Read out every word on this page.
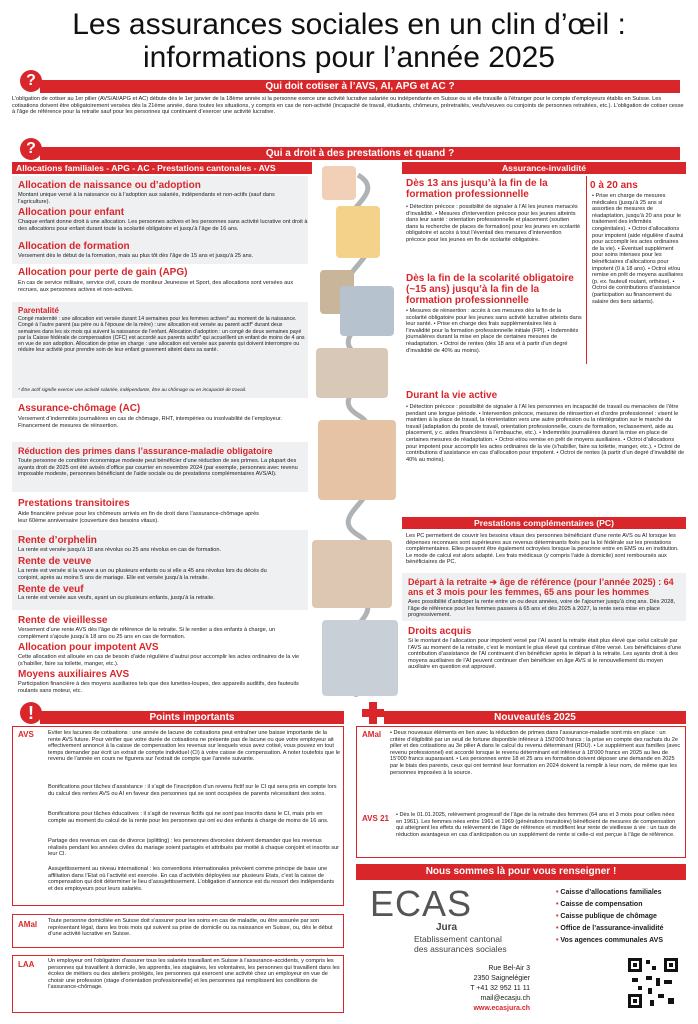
Les assurances sociales en un clin d’œil :
informations pour l’année 2025
?	Qui doit cotiser à l’AVS, AI, APG et AC ?
L’obligation de cotiser au 1er pilier (AVS/AI/APG et AC) débute dès le 1er janvier de la 18ème année si la personne exerce une activité lucrative salariée ou indépendante en Suisse ou si elle travaille à l’étranger pour le compte d’employeurs établis en Suisse. Les cotisations doivent être obligatoirement versées dès la 21ème année, dans toutes les situations, y compris en cas de non-activité (incapacité de travail, étudiants, chômeurs, préretraités, veufs/veuves ou conjoints de personnes retraitées, etc.). L’obligation de cotiser cesse à l’âge de référence pour la retraite sauf pour les personnes qui continuent d’exercer une activité lucrative.
?	Qui a droit à des prestations et quand ?
Allocations familiales - APG - AC - Prestations cantonales - AVS
Allocation de naissance ou d’adoption
Montant unique versé à la naissance ou à l’adoption aux salariés, indépendants et non-actifs (sauf dans l’agriculture).
Allocation pour enfant
Chaque enfant donne droit à une allocation. Les personnes actives et les personnes sans activité lucrative ont droit à des allocations pour enfant durant toute la scolarité obligatoire et jusqu’à l’âge de 16 ans.
Allocation de formation
Versement dès le début de la formation, mais au plus tôt dès l’âge de 15 ans et jusqu’à 25 ans.
Allocation pour perte de gain (APG)
En cas de service militaire, service civil, cours de moniteur Jeunesse et Sport, des allocations sont versées aux recrues, aux personnes actives et non-actives.
Parentalité
Congé maternité : une allocation est versée durant 14 semaines pour les femmes actives* au moment de la naissance. Congé à l’autre parent (au père ou à l’épouse de la mère) : une allocation est versée au parent actif* durant deux semaines dans les six mois qui suivent la naissance de l’enfant. Allocation d’adoption : un congé de deux semaines payé par la Caisse fédérale de compensation (CFC) est accordé aux parents actifs* qui accueillent un enfant de moins de 4 ans en vue de son adoption. Allocation de prise en charge : une allocation est versée aux parents qui doivent interrompre ou réduire leur activité pour prendre soin de leur enfant gravement atteint dans sa santé.
* Être actif signifie exercer une activité salariée, indépendante, être au chômage ou en incapacité de travail.
Assurance-chômage (AC)
Versement d’indemnités journalières en cas de chômage, RHT, intempéries ou insolvabilité de l’employeur. Financement de mesures de réinsertion.
Réduction des primes dans l’assurance-maladie obligatoire
Toute personne de condition économique modeste peut bénéficier d’une réduction de ses primes. La plupart des ayants droit de 2025 ont été avisés d’office par courrier en novembre 2024 (par exemple, personnes avec revenu imposable modeste, personnes bénéficiant de l’aide sociale ou de prestations complémentaires AVS/AI).
Prestations transitoires
Aide financière prévue pour les chômeurs arrivés en fin de droit dans l’assurance-chômage après leur 60ème anniversaire (couverture des besoins vitaux).
Rente d’orphelin
La rente est versée jusqu’à 18 ans révolus ou 25 ans révolus en cas de formation.
Rente de veuve
La rente est versée si la veuve a un ou plusieurs enfants ou si elle a 45 ans révolus lors du décès du conjoint, après au moins 5 ans de mariage. Elle est versée jusqu’à la retraite.
Rente de veuf
La rente est versée aux veufs, ayant un ou plusieurs enfants, jusqu’à la retraite.
Rente de vieillesse
Versement d’une rente AVS dès l’âge de référence de la retraite. Si le rentier a des enfants à charge, un complément s’ajoute jusqu’à 18 ans ou 25 ans en cas de formation.
Allocation pour impotent AVS
Cette allocation est allouée en cas de besoin d’aide régulière d’autrui pour accomplir les actes ordinaires de la vie (s’habiller, faire sa toilette, manger, etc.).
Moyens auxiliaires AVS
Participation financière à des moyens auxiliaires tels que des lunettes-loupes, des appareils auditifs, des fauteuils roulants sans moteur, etc.
Assurance-invalidité
Dès 13 ans jusqu’à la fin de la formation professionnelle
• Détection précoce : possibilité de signaler à l’AI les jeunes menacés d’invalidité. • Mesures d’intervention précoce pour les jeunes atteints dans leur santé : orientation professionnelle et placement (soutien dans la recherche de places de formation) pour les jeunes en scolarité obligatoire et accès à tout l’éventail des mesures d’intervention précoce pour les jeunes en fin de scolarité obligatoire.
0 à 20 ans
• Prise en charge de mesures médicales (jusqu’à 25 ans si assorties de mesures de réadaptation, jusqu’à 20 ans pour le traitement des infirmités congénitales). • Octroi d’allocations pour impotent (aide régulière d’autrui pour accomplir les actes ordinaires de la vie). • Éventuel supplément pour soins intenses pour les bénéficiaires d’allocations pour impotent (0 à 18 ans). • Octroi et/ou remise en prêt de moyens auxiliaires (p. ex. fauteuil roulant, orthèse). • Octroi de contributions d’assistance (participation au financement du salaire des tiers aidants).
Dès la fin de la scolarité obligatoire (~15 ans) jusqu’à la fin de la formation professionnelle
• Mesures de réinsertion : accès à ces mesures dès la fin de la scolarité obligatoire pour les jeunes sans activité lucrative atteints dans leur santé. • Prise en charge des frais supplémentaires liés à l’invalidité pour la formation professionnelle initiale (FPI). • Indemnités journalières durant la mise en place de certaines mesures de réadaptation. • Octroi de rentes (dès 18 ans et à partir d’un degré d’invalidité de 40% au moins).
Durant la vie active
• Détection précoce : possibilité de signaler à l’AI les personnes en incapacité de travail ou menacées de l’être pendant une longue période. • Intervention précoce, mesures de réinsertion et d’ordre professionnel : visent le maintien à la place de travail, la réorientation vers une autre profession ou la réintégration sur le marché du travail (adaptation du poste de travail, orientation professionnelle, cours de formation, reclassement, aide au placement, y c. aides financières à l’embauche, etc.). • Indemnités journalières durant la mise en place de certaines mesures de réadaptation. • Octroi et/ou remise en prêt de moyens auxiliaires. • Octroi d’allocations pour impotent pour accomplir les actes ordinaires de la vie (s’habiller, faire sa toilette, manger, etc.). • Octroi de contributions d’assistance en cas d’allocation pour impotent. • Octroi de rentes (à partir d’un degré d’invalidité de 40% au moins).
Prestations complémentaires (PC)
Les PC permettent de couvrir les besoins vitaux des personnes bénéficiant d’une rente AVS ou AI lorsque les dépenses reconnues sont supérieures aux revenus déterminants fixés par la loi fédérale sur les prestations complémentaires. Elles peuvent être également octroyées lorsque la personne entre en EMS ou en institution. Le mode de calcul est alors adapté. Les frais médicaux (y compris l’aide à domicile) sont remboursés aux bénéficiaires de PC.
Départ à la retraite ➔ âge de référence (pour l’année 2025) : 64 ans et 3 mois pour les femmes, 65 ans pour les hommes
Avec possibilité d’anticiper la rente entre un ou deux années, voire de l’ajourner jusqu’à cinq ans. Dès 2028, l’âge de référence pour les femmes passera à 65 ans et dès 2025 à 2027, la rente sera mise en place progressivement.
Droits acquis
Si le montant de l’allocation pour impotent versé par l’AI avant la retraite était plus élevé que celui calculé par l’AVS au moment de la retraite, c’est le montant le plus élevé qui continue d’être versé. Les bénéficiaires d’une contribution d’assistance de l’AI continuent d’en bénéficier après le départ à la retraite. Les ayants droit à des moyens auxiliaires de l’AI peuvent continuer d’en bénéficier en âge AVS si le renouvellement du moyen auxiliaire en question est approuvé.
!	Points importants
AVS	Eviter les lacunes de cotisations : une année de lacune de cotisations peut entraîner une baisse importante de la rente AVS future. Pour vérifier que votre durée de cotisations ne présente pas de lacune ou que votre employeur ait effectivement annoncé à la caisse de compensation les revenus sur lesquels vous avez cotisé, vous pouvez en tout temps demander par écrit un extrait de compte individuel (CI) à votre caisse de compensation. A noter toutefois que le revenu de l’année en cours ne figurera sur l’extrait de compte que l’année suivante.
Bonifications pour tâches d’assistance : il s’agit de l’inscription d’un revenu fictif sur le CI qui sera pris en compte lors du calcul des rentes AVS ou AI en faveur des personnes qui se sont occupées de parents nécessitant des soins.
Bonifications pour tâches éducatives : il s’agit de revenus fictifs qui ne sont pas inscrits dans le CI, mais pris en compte au moment du calcul de la rente pour les personnes qui ont eu des enfants à charge de moins de 16 ans.
Partage des revenus en cas de divorce (splitting) : les personnes divorcées doivent demander que les revenus réalisés pendant les années civiles du mariage soient partagés et attribués par moitié à chaque conjoint et inscrits sur leur CI.
Assujettissement au niveau international : les conventions internationales prévoient comme principe de base une affiliation dans l’Etat où l’activité est exercée. En cas d’activités déployées sur plusieurs Etats, c’est la caisse de compensation qui doit déterminer le lieu d’assujettissement. L’obligation d’annonce est du ressort des indépendants et des employeurs pour leurs salariés.
AMal Toute personne domiciliée en Suisse doit s’assurer pour les soins en cas de maladie, ou être assurée par son représentant légal, dans les trois mois qui suivent sa prise de domicile ou sa naissance en Suisse, ou, dès le début d’une activité lucrative en Suisse.
LAA Un employeur ont l’obligation d’assurer tous les salariés travaillant en Suisse à l’assurance-accidents, y compris les personnes qui travaillent à domicile, les apprentis, les stagiaires, les volontaires, les personnes qui travaillent dans les écoles de métiers ou des ateliers protégés, les personnes qui exercent une activité chez un employeur en vue de choisir une profession (stage d’orientation professionnelle) et les personnes qui remplissent les conditions de l’assurance-chômage.
Nouveautés 2025
AMal • Deux nouveaux éléments en lien avec la réduction de primes dans l’assurance-maladie sont mis en place : un critère d’éligibilité par un seuil de fortune disponible inférieur à 150’000 francs ; la prise en compte des rachats du 2e pilier et des cotisations au 3e pilier A dans le calcul du revenu déterminant (RDU). • Le supplément aux familles (avec revenu professionnel) est accordé lorsque le revenu déterminant est inférieur à 18’000 francs en 2025 au lieu de 15’000 francs auparavant. • Les personnes entre 18 et 25 ans en formation doivent déposer une demande en 2025 par le biais des parents, ceux qui ont terminé leur formation en 2024 doivent la remplir à leur nom, de même que les personnes imposées à la source.
AVS 21 • Dès le 01.01.2025, relèvement progressif de l’âge de la retraite des femmes (64 ans et 3 mois pour celles nées en 1961). Les femmes nées entre 1961 et 1969 (génération transitoire) bénéficient de mesures de compensation qui atteignent les effets du relèvement de l’âge de référence et modifient leur rente de vieillesse à vie : un taux de réduction avantageux en cas d’anticipation ou un supplément de rente si celle-ci est perçue à l’âge de référence.
Nous sommes là pour vous renseigner !
ECAS
Jura
Etablissement cantonal
des assurances sociales
Rue Bel-Air 3
2350 Saignelégier
T +41 32 952 11 11
mail@ecasju.ch
www.ecasjura.ch
• Caisse d’allocations familiales
• Caisse de compensation
• Caisse publique de chômage
• Office de l’assurance-invalidité
• Vos agences communales AVS
